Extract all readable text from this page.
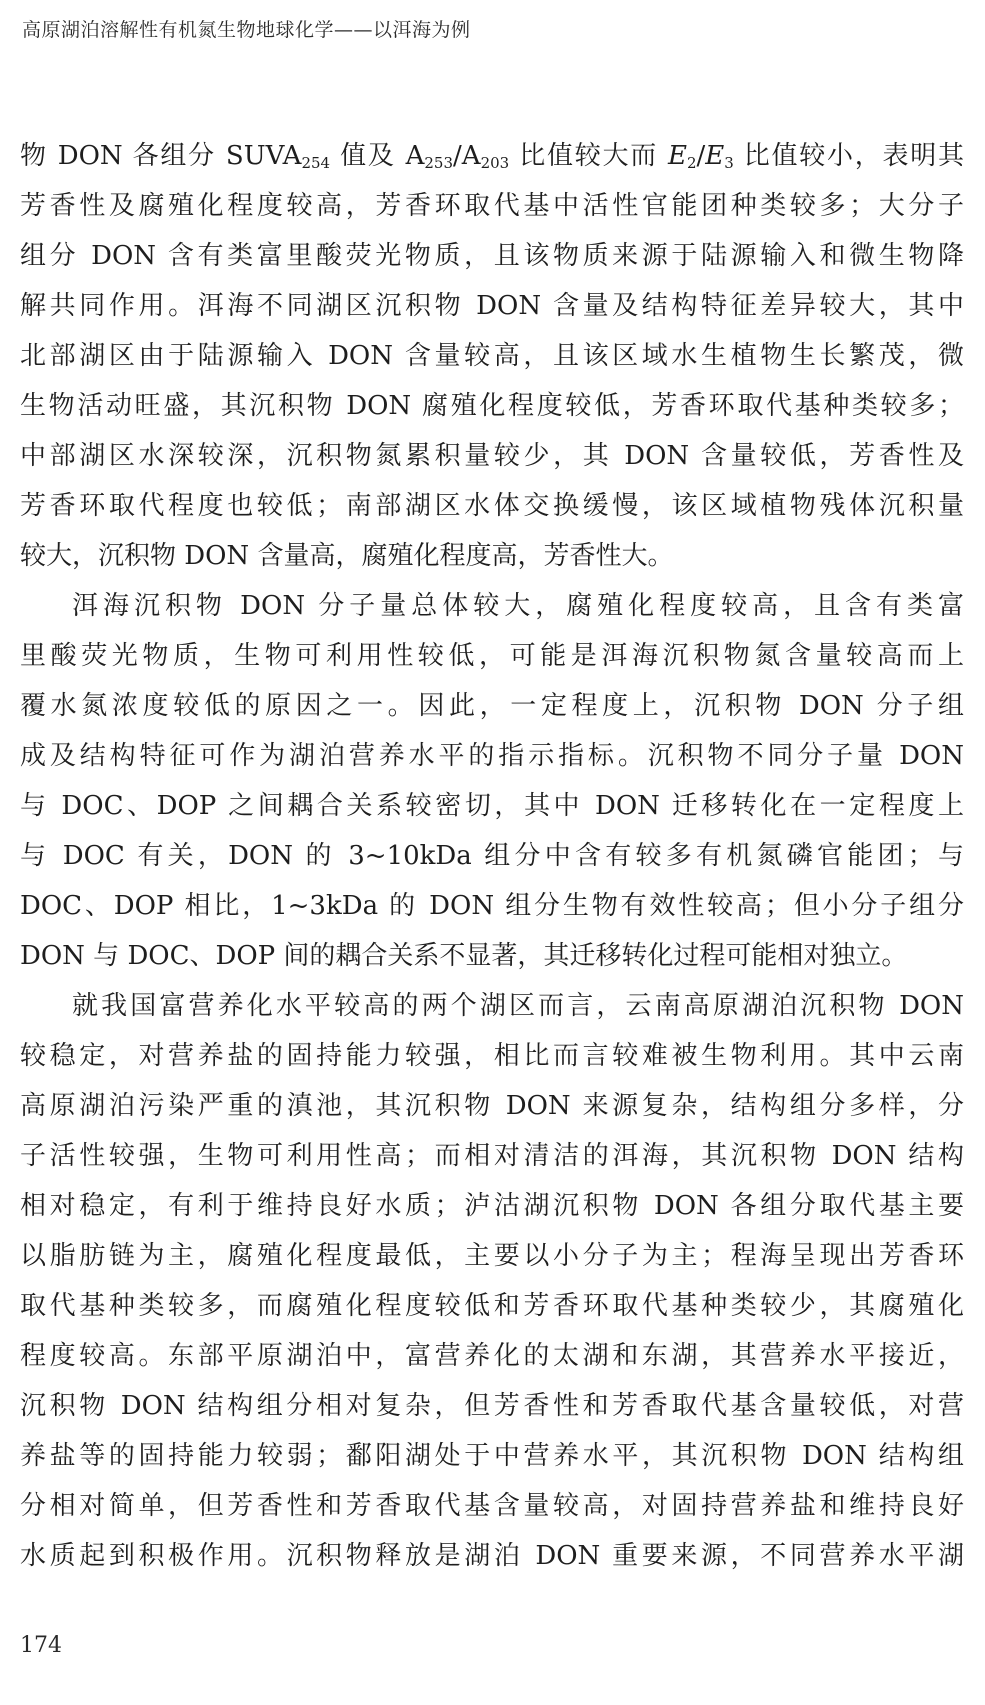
高原湖泊溶解性有机氮生物地球化学——以洱海为例
物 DON 各组分 $SUVA_{254}$ 值及 $A_{253}/A_{203}$ 比值较大而 $E_2/E_3$ 比值较小，表明其
芳香性及腐殖化程度较高，芳香环取代基中活性官能团种类较多；大分子
组分 DON 含有类富里酸荧光物质，且该物质来源于陆源输入和微生物降
解共同作用。洱海不同湖区沉积物 DON 含量及结构特征差异较大，其中
北部湖区由于陆源输入 DON 含量较高，且该区域水生植物生长繁茂，微
生物活动旺盛，其沉积物 DON 腐殖化程度较低，芳香环取代基种类较多；
中部湖区水深较深，沉积物氮累积量较少，其 DON 含量较低，芳香性及
芳香环取代程度也较低；南部湖区水体交换缓慢，该区域植物残体沉积量
较大，沉积物 DON 含量高，腐殖化程度高，芳香性大。
洱海沉积物 DON 分子量总体较大，腐殖化程度较高，且含有类富
里酸荧光物质，生物可利用性较低，可能是洱海沉积物氮含量较高而上
覆水氮浓度较低的原因之一。因此，一定程度上，沉积物 DON 分子组
成及结构特征可作为湖泊营养水平的指示指标。沉积物不同分子量 DON
与 DOC、DOP 之间耦合关系较密切，其中 DON 迁移转化在一定程度上
与 DOC 有关，DON 的 3~10kDa 组分中含有较多有机氮磷官能团；与
DOC、DOP 相比，1~3kDa 的 DON 组分生物有效性较高；但小分子组分
DON 与 DOC、DOP 间的耦合关系不显著，其迁移转化过程可能相对独立。
就我国富营养化水平较高的两个湖区而言，云南高原湖泊沉积物 DON
较稳定，对营养盐的固持能力较强，相比而言较难被生物利用。其中云南
高原湖泊污染严重的滇池，其沉积物 DON 来源复杂，结构组分多样，分
子活性较强，生物可利用性高；而相对清洁的洱海，其沉积物 DON 结构
相对稳定，有利于维持良好水质；泸沽湖沉积物 DON 各组分取代基主要
以脂肪链为主，腐殖化程度最低，主要以小分子为主；程海呈现出芳香环
取代基种类较多，而腐殖化程度较低和芳香环取代基种类较少，其腐殖化
程度较高。东部平原湖泊中，富营养化的太湖和东湖，其营养水平接近，
沉积物 DON 结构组分相对复杂，但芳香性和芳香取代基含量较低，对营
养盐等的固持能力较弱；鄱阳湖处于中营养水平，其沉积物 DON 结构组
分相对简单，但芳香性和芳香取代基含量较高，对固持营养盐和维持良好
水质起到积极作用。沉积物释放是湖泊 DON 重要来源，不同营养水平湖
174
